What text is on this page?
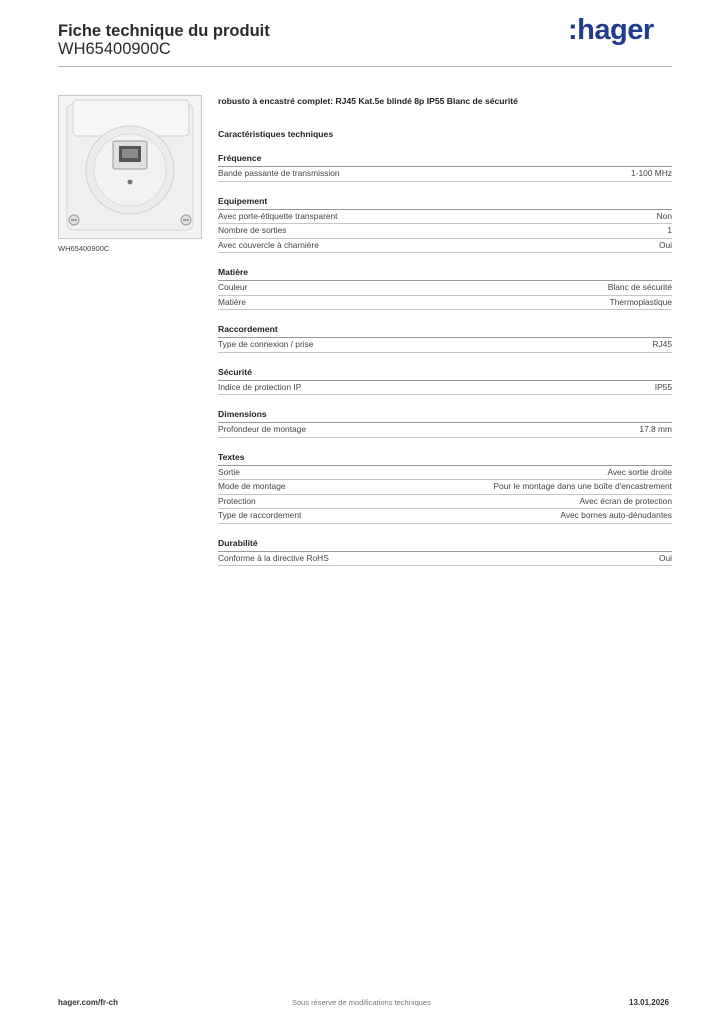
Fiche technique du produit
WH65400900C
:hager
WH65400900C
robusto à encastré complet: RJ45 Kat.5e blindé 8p IP55 Blanc de sécurité
Caractéristiques techniques
Fréquence
Bande passante de transmission	1-100 MHz
Equipement
Avec porte-étiquette transparent	Non
Nombre de sorties	1
Avec couvercle à charnière	Oui
Matière
Couleur	Blanc de sécurité
Matière	Thermoplastique
Raccordement
Type de connexion / prise	RJ45
Sécurité
Indice de protection IP	IP55
Dimensions
Profondeur de montage	17.8 mm
Textes
Sortie	Avec sortie droite
Mode de montage	Pour le montage dans une boîte d'encastrement
Protection	Avec écran de protection
Type de raccordement	Avec bornes auto-dénudantes
Durabilité
Conforme à la directive RoHS	Oui
hager.com/fr-ch	Sous réserve de modifications techniques	13.01.2026
